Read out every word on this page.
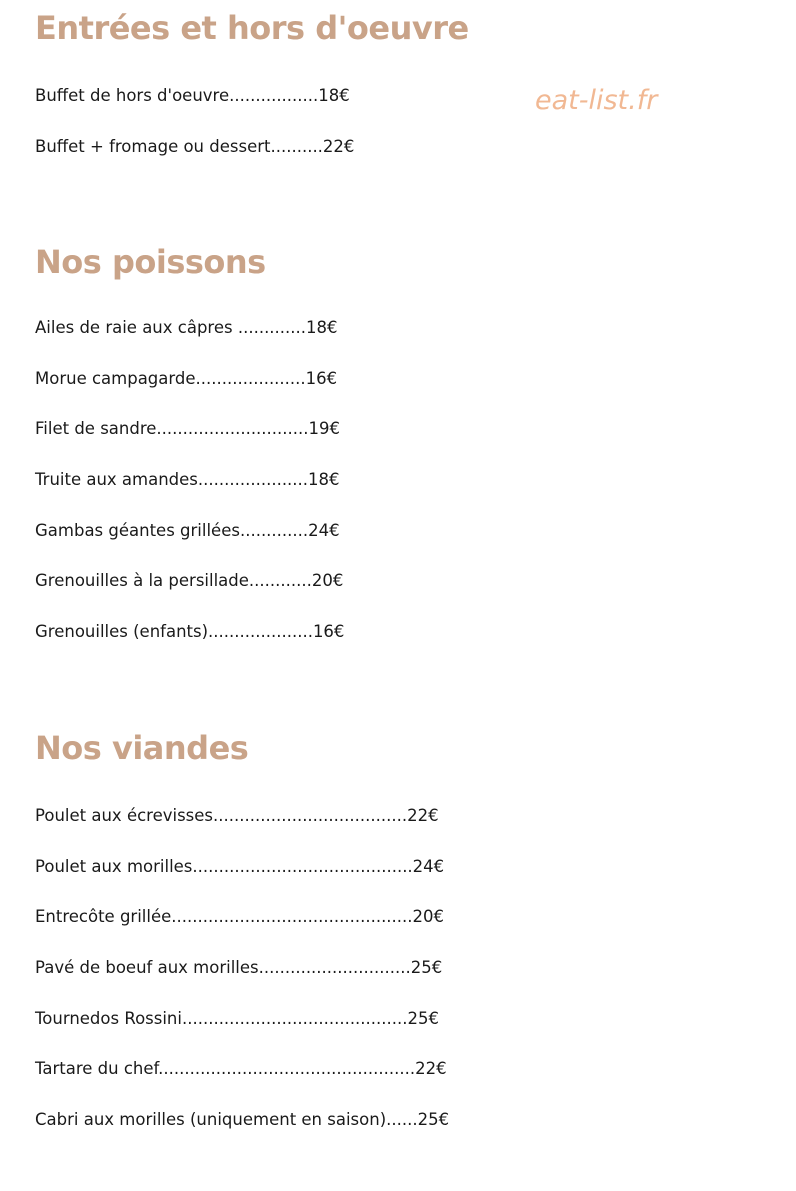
eat-list.fr
Entrées et hors d'oeuvre
Buffet de hors d'oeuvre.................18€
Buffet + fromage ou dessert..........22€
Nos poissons
Ailes de raie aux câpres .............18€
Morue campagarde.....................16€
Filet de sandre.............................19€
Truite aux amandes.....................18€
Gambas géantes grillées.............24€
Grenouilles à la persillade............20€
Grenouilles (enfants)....................16€
Nos viandes
Poulet aux écrevisses.....................................22€
Poulet aux morilles..........................................24€
Entrecôte grillée..............................................20€
Pavé de boeuf aux morilles.............................25€
Tournedos Rossini...........................................25€
Tartare du chef.................................................22€
Cabri aux morilles (uniquement en saison)......25€
